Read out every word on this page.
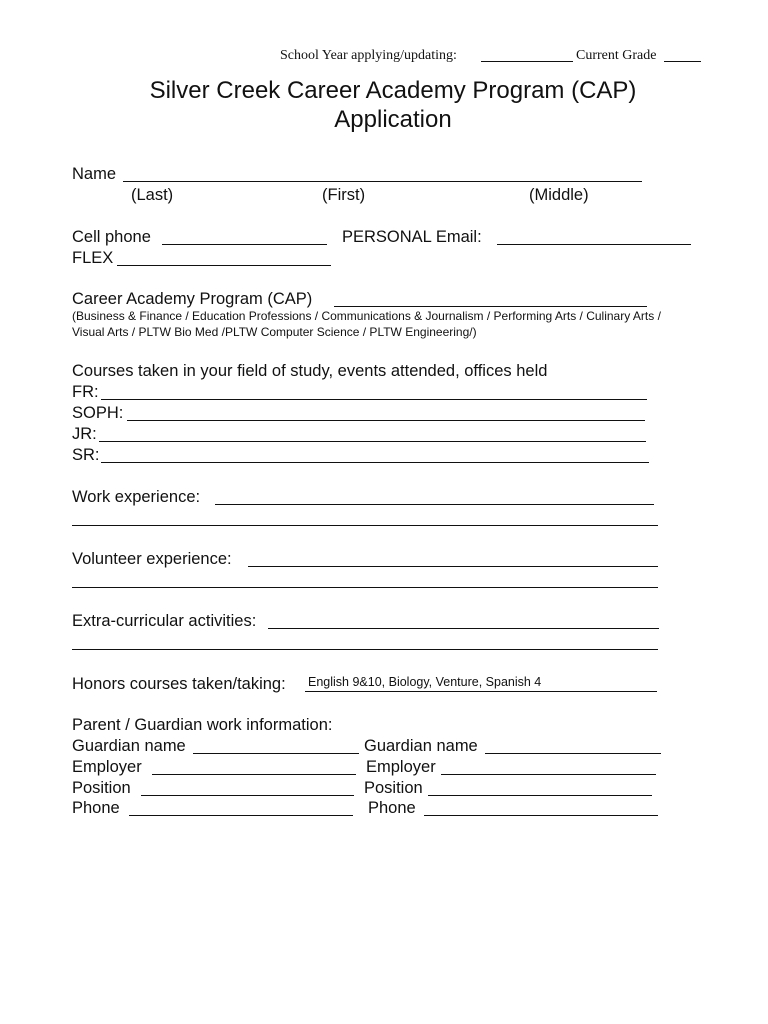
School Year applying/updating:	Current Grade
Silver Creek Career Academy Program (CAP)
Application
Name
(Last)	(First)	(Middle)
Cell phone	PERSONAL Email:
FLEX
Career Academy Program (CAP)
(Business & Finance / Education Professions / Communications & Journalism / Performing Arts / Culinary Arts /
Visual Arts / PLTW Bio Med /PLTW Computer Science / PLTW Engineering/)
Courses taken in your field of study, events attended, offices held
FR:
SOPH:
JR:
SR:
Work experience:
Volunteer experience:
Extra-curricular activities:
Honors courses taken/taking: English 9&10, Biology, Venture, Spanish 4
Parent / Guardian work information:
Guardian name	Guardian name
Employer	Employer
Position	Position
Phone	Phone
